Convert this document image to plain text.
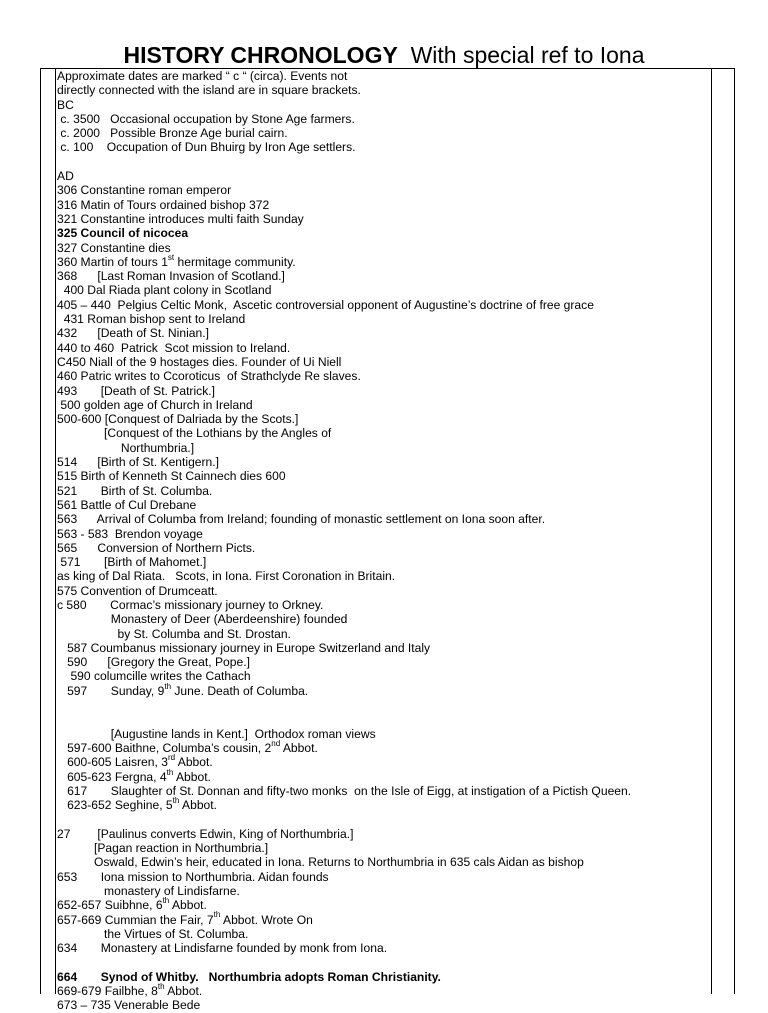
HISTORY CHRONOLOGY With special ref to Iona
Approximate dates are marked “ c “ (circa). Events not
directly connected with the island are in square brackets.
BC
c. 3500   Occasional occupation by Stone Age farmers.
c. 2000   Possible Bronze Age burial cairn.
c. 100    Occupation of Dun Bhuirg by Iron Age settlers.
AD
306 Constantine roman emperor
316 Matin of Tours ordained bishop 372
321 Constantine introduces multi faith Sunday
325 Council of nicocea
327 Constantine dies
360 Martin of tours 1st hermitage community.
368      [Last Roman Invasion of Scotland.]
400 Dal Riada plant colony in Scotland
405 – 440  Pelgius Celtic Monk,  Ascetic controversial opponent of Augustine’s doctrine of free grace
431 Roman bishop sent to Ireland
432      [Death of St. Ninian.]
440 to 460  Patrick  Scot mission to Ireland.
C450 Niall of the 9 hostages dies. Founder of Ui Niell
460 Patric writes to Ccoroticus  of Strathclyde Re slaves.
493       [Death of St. Patrick.]
500 golden age of Church in Ireland
500-600 [Conquest of Dalriada by the Scots.]
[Conquest of the Lothians by the Angles of
Northumbria.]
514      [Birth of St. Kentigern.]
515 Birth of Kenneth St Cainnech dies 600
521       Birth of St. Columba.
561 Battle of Cul Drebane
563      Arrival of Columba from Ireland; founding of monastic settlement on Iona soon after.
563 - 583  Brendon voyage
565      Conversion of Northern Picts.
571       [Birth of Mahomet.]
as king of Dal Riata.   Scots, in Iona. First Coronation in Britain.
575 Convention of Drumceatt.
c 580       Cormac’s missionary journey to Orkney.
Monastery of Deer (Aberdeenshire) founded
by St. Columba and St. Drostan.
587 Coumbanus missionary journey in Europe Switzerland and Italy
590      [Gregory the Great, Pope.]
590 columcille writes the Cathach
597       Sunday, 9th June. Death of Columba.
[Augustine lands in Kent.]  Orthodox roman views
597-600 Baithne, Columba’s cousin, 2nd Abbot.
600-605 Laisren, 3rd Abbot.
605-623 Fergna, 4th Abbot.
617       Slaughter of St. Donnan and fifty-two monks  on the Isle of Eigg, at instigation of a Pictish Queen.
623-652 Seghine, 5th Abbot.
27        [Paulinus converts Edwin, King of Northumbria.]
[Pagan reaction in Northumbria.]
Oswald, Edwin’s heir, educated in Iona. Returns to Northumbria in 635 cals Aidan as bishop
653       Iona mission to Northumbria. Aidan founds
monastery of Lindisfarne.
652-657 Suibhne, 6th Abbot.
657-669 Cummian the Fair, 7th Abbot. Wrote On
the Virtues of St. Columba.
634       Monastery at Lindisfarne founded by monk from Iona.
664       Synod of Whitby.   Northumbria adopts Roman Christianity.
669-679 Failbhe, 8th Abbot.
673 – 735 Venerable Bede
